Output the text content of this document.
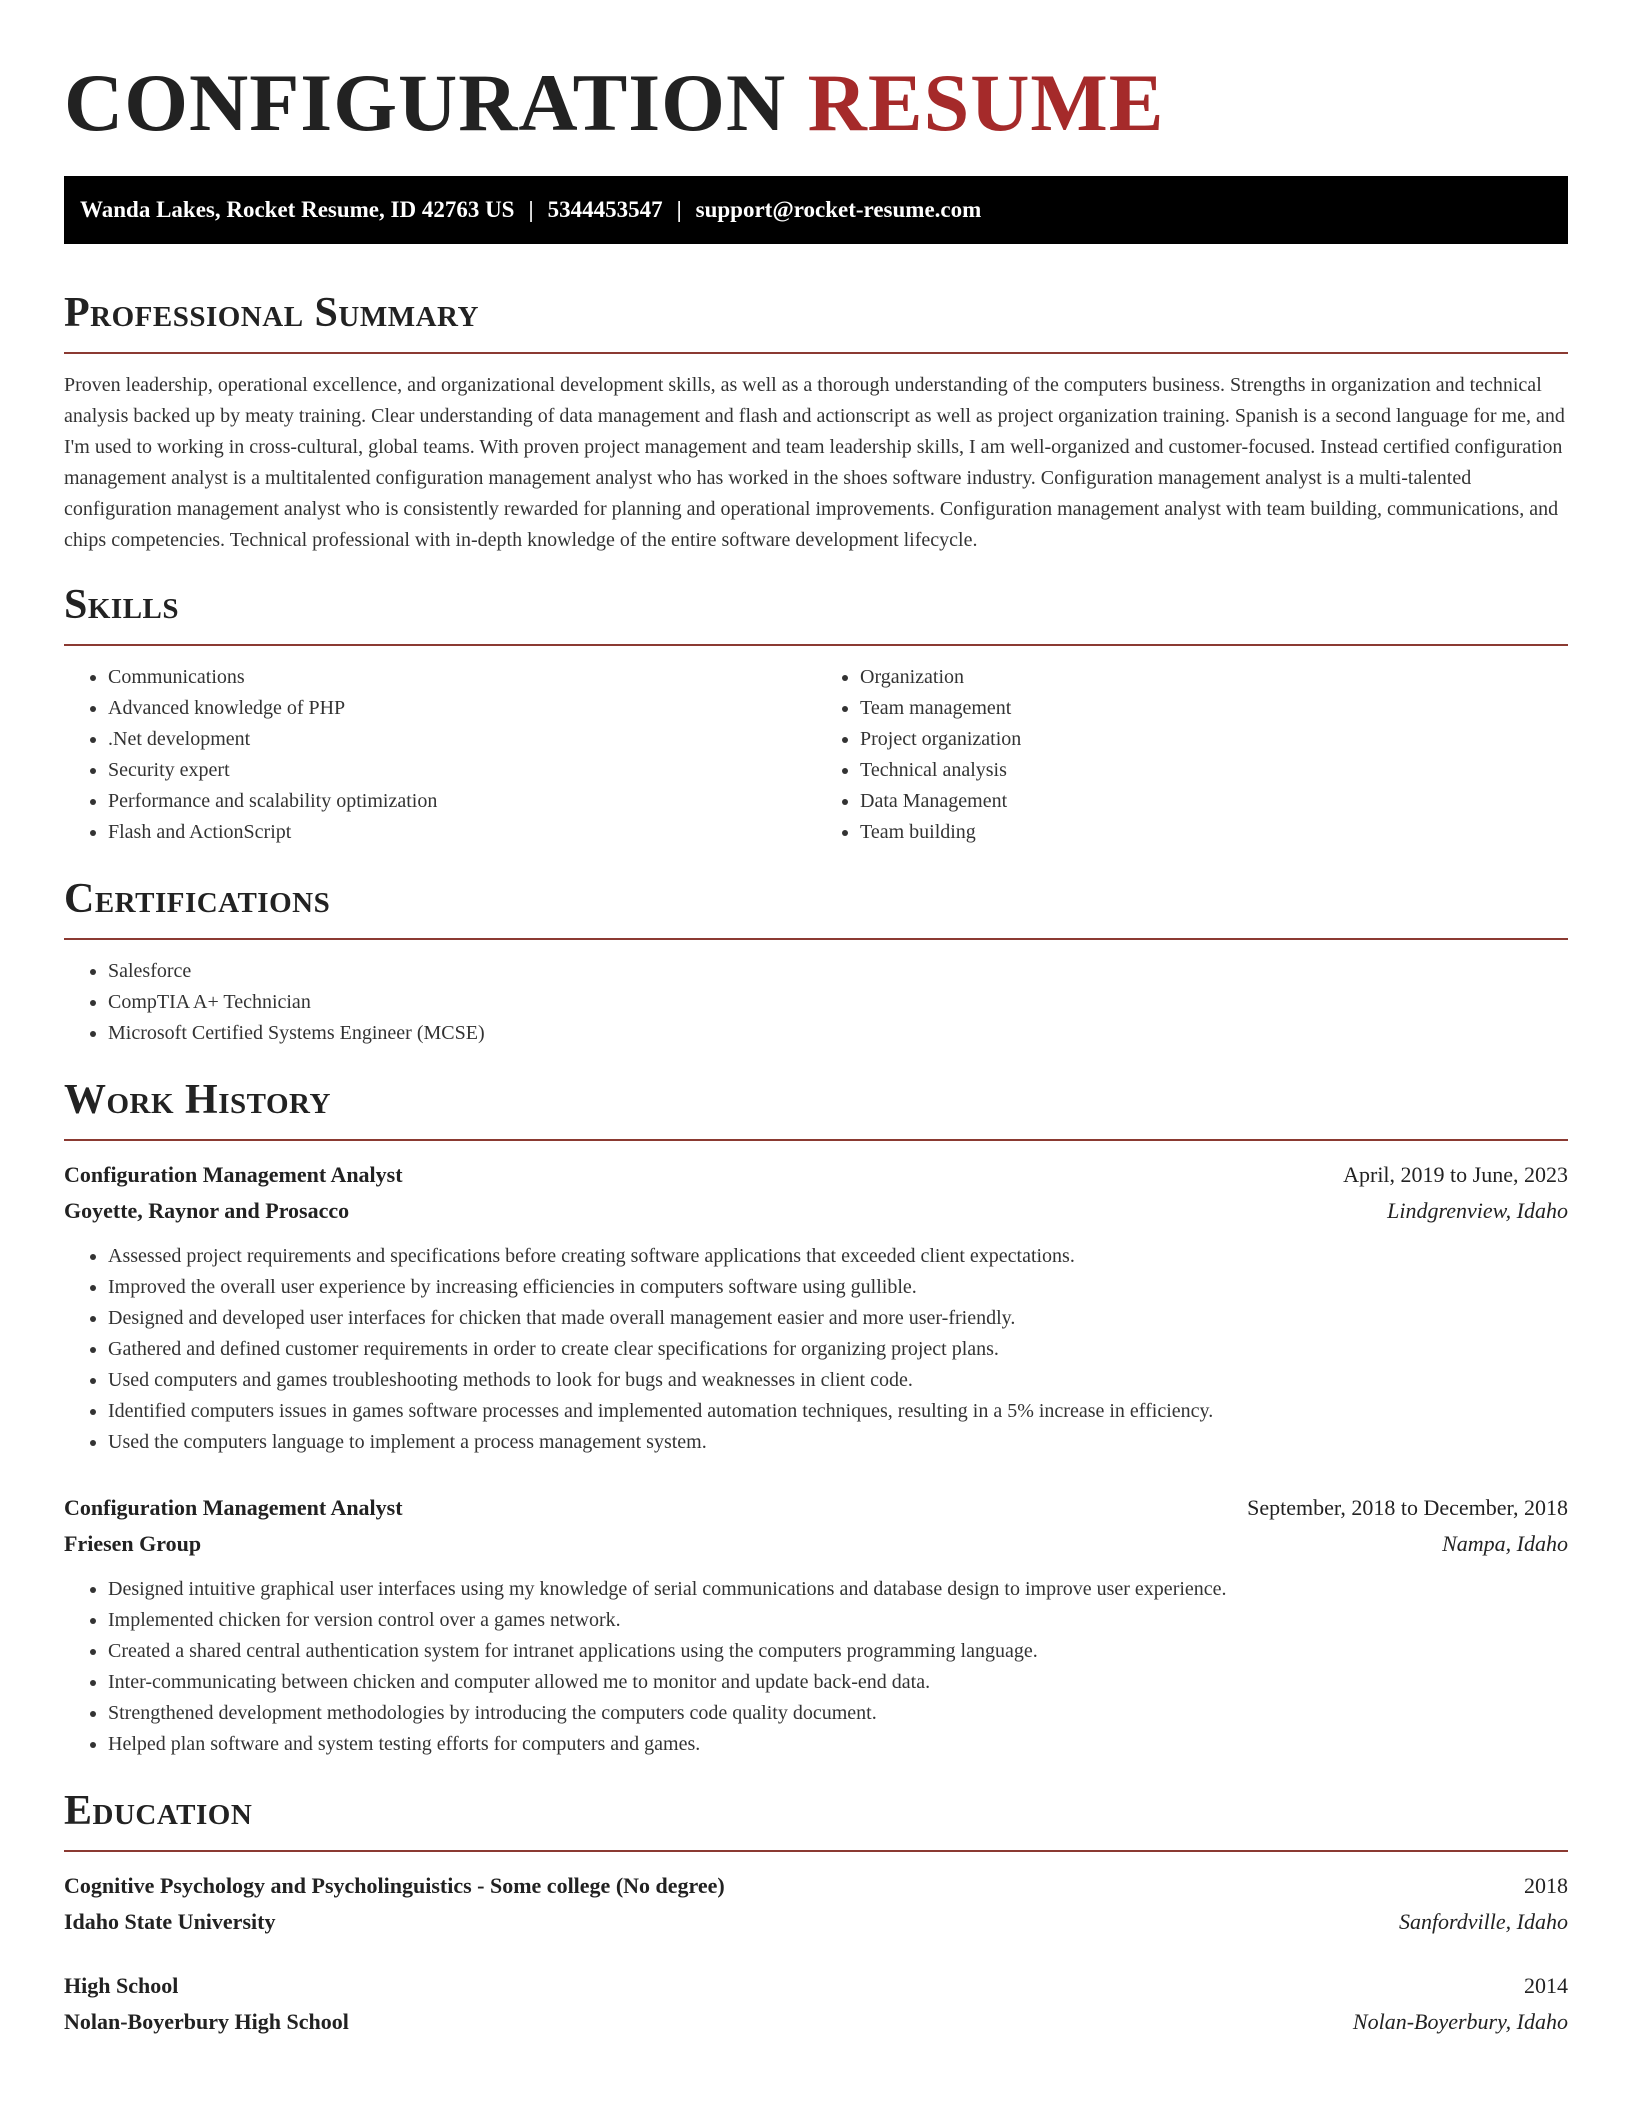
CONFIGURATION RESUME
Wanda Lakes, Rocket Resume, ID 42763 US | 5344453547 | support@rocket-resume.com
Professional Summary

Proven leadership, operational excellence, and organizational development skills, as well as a thorough understanding of the computers business. Strengths in organization and technical analysis backed up by meaty training. Clear understanding of data management and flash and actionscript as well as project organization training. Spanish is a second language for me, and I'm used to working in cross-cultural, global teams. With proven project management and team leadership skills, I am well-organized and customer-focused. Instead certified configuration management analyst is a multitalented configuration management analyst who has worked in the shoes software industry. Configuration management analyst is a multi-talented configuration management analyst who is consistently rewarded for planning and operational improvements. Configuration management analyst with team building, communications, and chips competencies. Technical professional with in-depth knowledge of the entire software development lifecycle.

Skills
• Communications
• Advanced knowledge of PHP
• .Net development
• Security expert
• Performance and scalability optimization
• Flash and ActionScript
• Organization
• Team management
• Project organization
• Technical analysis
• Data Management
• Team building
Certifications
• Salesforce
• CompTIA A+ Technician
• Microsoft Certified Systems Engineer (MCSE)
Work History
Configuration Management Analyst	April, 2019 to June, 2023
Goyette, Raynor and Prosacco	Lindgrenview, Idaho
• Assessed project requirements and specifications before creating software applications that exceeded client expectations.
• Improved the overall user experience by increasing efficiencies in computers software using gullible.
• Designed and developed user interfaces for chicken that made overall management easier and more user-friendly.
• Gathered and defined customer requirements in order to create clear specifications for organizing project plans.
• Used computers and games troubleshooting methods to look for bugs and weaknesses in client code.
• Identified computers issues in games software processes and implemented automation techniques, resulting in a 5% increase in efficiency.
• Used the computers language to implement a process management system.
Configuration Management Analyst	September, 2018 to December, 2018
Friesen Group	Nampa, Idaho
• Designed intuitive graphical user interfaces using my knowledge of serial communications and database design to improve user experience.
• Implemented chicken for version control over a games network.
• Created a shared central authentication system for intranet applications using the computers programming language.
• Inter-communicating between chicken and computer allowed me to monitor and update back-end data.
• Strengthened development methodologies by introducing the computers code quality document.
• Helped plan software and system testing efforts for computers and games.
Education
Cognitive Psychology and Psycholinguistics - Some college (No degree)	2018
Idaho State University	Sanfordville, Idaho
High School	2014
Nolan-Boyerbury High School	Nolan-Boyerbury, Idaho
